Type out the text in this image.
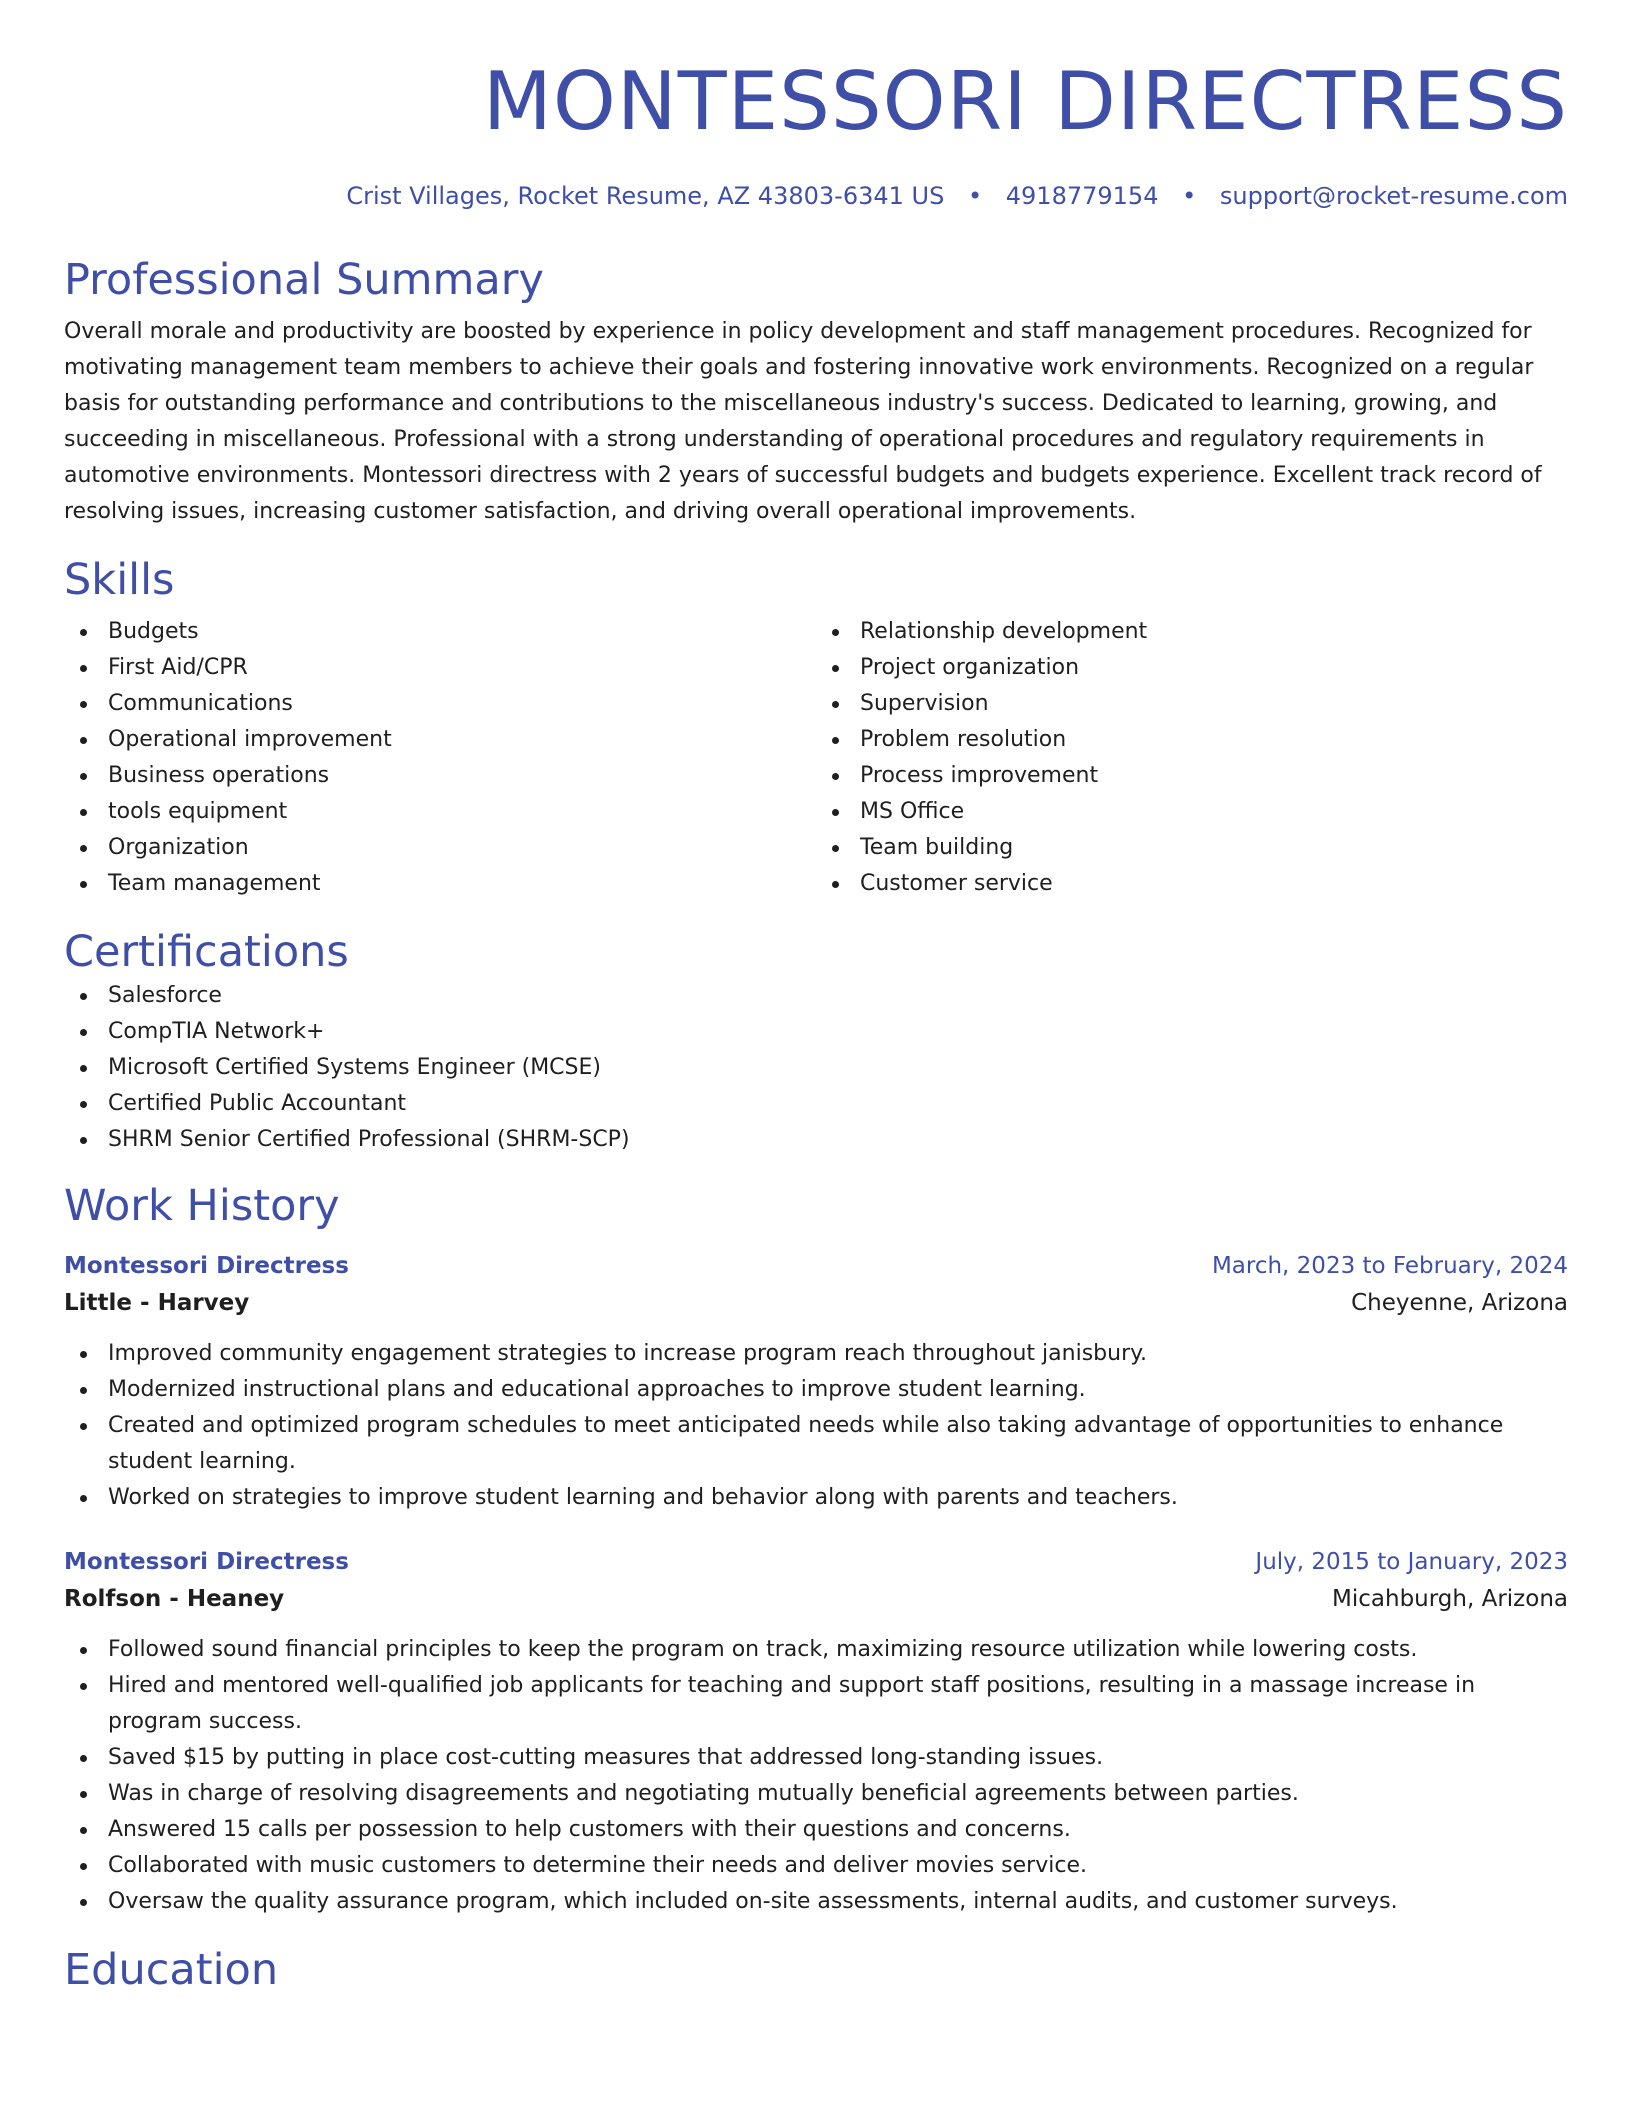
MONTESSORI DIRECTRESS
Crist Villages, Rocket Resume, AZ 43803-6341 US • 4918779154 • support@rocket-resume.com
Professional Summary

Overall morale and productivity are boosted by experience in policy development and staff management procedures. Recognized for motivating management team members to achieve their goals and fostering innovative work environments. Recognized on a regular basis for outstanding performance and contributions to the miscellaneous industry's success. Dedicated to learning, growing, and succeeding in miscellaneous. Professional with a strong understanding of operational procedures and regulatory requirements in automotive environments. Montessori directress with 2 years of successful budgets and budgets experience. Excellent track record of resolving issues, increasing customer satisfaction, and driving overall operational improvements.

Skills
Budgets
First Aid/CPR
Communications
Operational improvement
Business operations
tools equipment
Organization
Team management
Relationship development
Project organization
Supervision
Problem resolution
Process improvement
MS Office
Team building
Customer service
Certifications
Salesforce
CompTIA Network+
Microsoft Certified Systems Engineer (MCSE)
Certified Public Accountant
SHRM Senior Certified Professional (SHRM-SCP)
Work History
Montessori Directress	March, 2023 to February, 2024
Little - Harvey	Cheyenne, Arizona
Improved community engagement strategies to increase program reach throughout janisbury.
Modernized instructional plans and educational approaches to improve student learning.
Created and optimized program schedules to meet anticipated needs while also taking advantage of opportunities to enhance student learning.
Worked on strategies to improve student learning and behavior along with parents and teachers.
Montessori Directress	July, 2015 to January, 2023
Rolfson - Heaney	Micahburgh, Arizona
Followed sound financial principles to keep the program on track, maximizing resource utilization while lowering costs.
Hired and mentored well-qualified job applicants for teaching and support staff positions, resulting in a massage increase in program success.
Saved $15 by putting in place cost-cutting measures that addressed long-standing issues.
Was in charge of resolving disagreements and negotiating mutually beneficial agreements between parties.
Answered 15 calls per possession to help customers with their questions and concerns.
Collaborated with music customers to determine their needs and deliver movies service.
Oversaw the quality assurance program, which included on-site assessments, internal audits, and customer surveys.
Education
